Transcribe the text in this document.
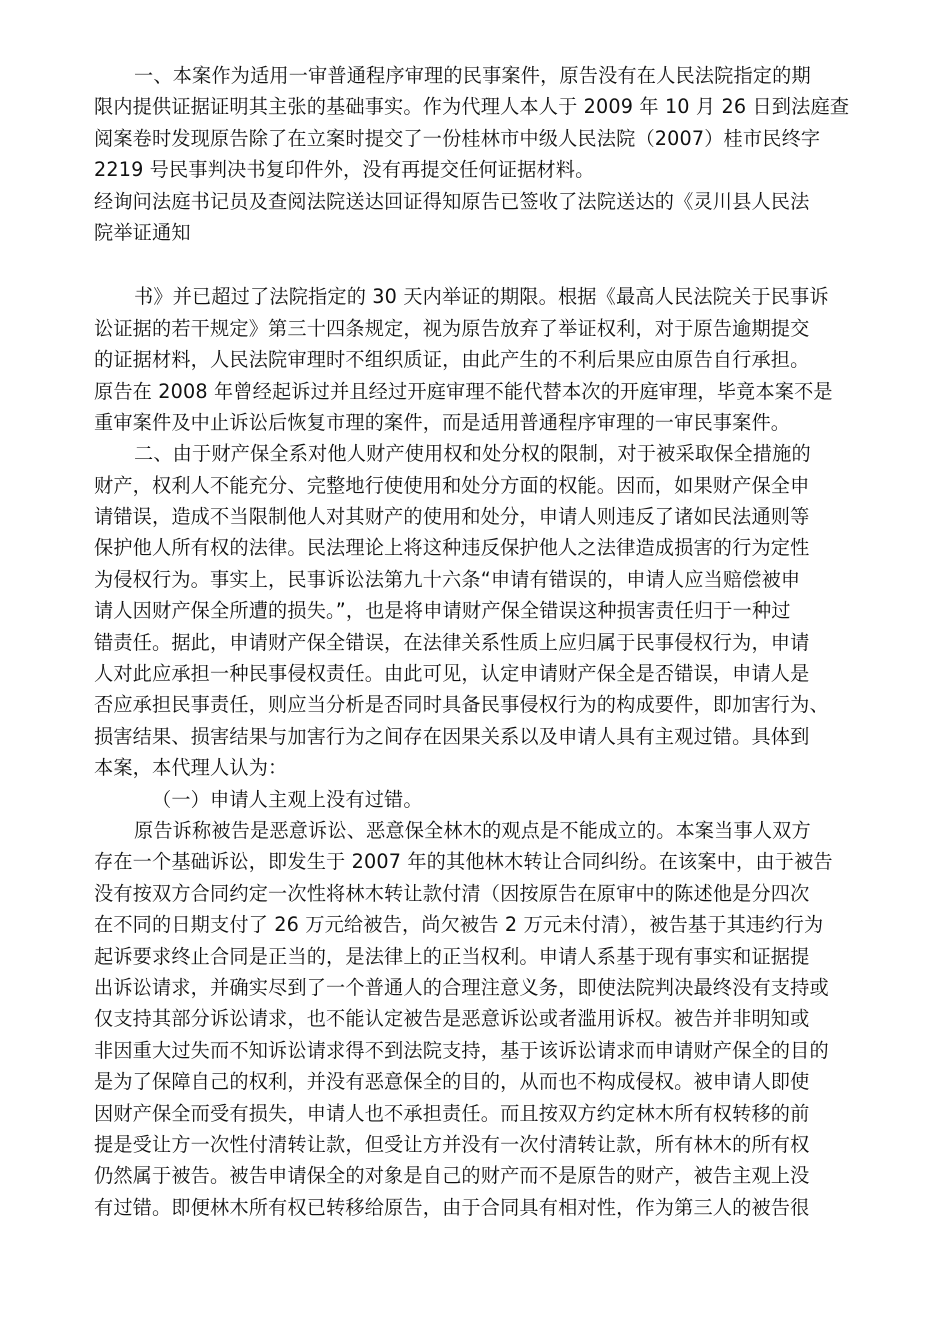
一、本案作为适用一审普通程序审理的民事案件，原告没有在人民法院指定的期
限内提供证据证明其主张的基础事实。作为代理人本人于 2009 年 10 月 26 日到法庭查
阅案卷时发现原告除了在立案时提交了一份桂林市中级人民法院（2007）桂市民终字
2219 号民事判决书复印件外，没有再提交任何证据材料。
经询问法庭书记员及查阅法院送达回证得知原告已签收了法院送达的《灵川县人民法
院举证通知
书》并已超过了法院指定的 30 天内举证的期限。根据《最高人民法院关于民事诉
讼证据的若干规定》第三十四条规定，视为原告放弃了举证权利，对于原告逾期提交
的证据材料，人民法院审理时不组织质证，由此产生的不利后果应由原告自行承担。
原告在 2008 年曾经起诉过并且经过开庭审理不能代替本次的开庭审理，毕竟本案不是
重审案件及中止诉讼后恢复市理的案件，而是适用普通程序审理的一审民事案件。
二、由于财产保全系对他人财产使用权和处分权的限制，对于被采取保全措施的
财产，权利人不能充分、完整地行使使用和处分方面的权能。因而，如果财产保全申
请错误，造成不当限制他人对其财产的使用和处分，申请人则违反了诸如民法通则等
保护他人所有权的法律。民法理论上将这种违反保护他人之法律造成损害的行为定性
为侵权行为。事实上，民事诉讼法第九十六条“申请有错误的，申请人应当赔偿被申
请人因财产保全所遭的损失。”，也是将申请财产保全错误这种损害责任归于一种过
错责任。据此，申请财产保全错误，在法律关系性质上应归属于民事侵权行为，申请
人对此应承担一种民事侵权责任。由此可见，认定申请财产保全是否错误，申请人是
否应承担民事责任，则应当分析是否同时具备民事侵权行为的构成要件，即加害行为、
损害结果、损害结果与加害行为之间存在因果关系以及申请人具有主观过错。具体到
本案，本代理人认为：
（一）申请人主观上没有过错。
原告诉称被告是恶意诉讼、恶意保全林木的观点是不能成立的。本案当事人双方
存在一个基础诉讼，即发生于 2007 年的其他林木转让合同纠纷。在该案中，由于被告
没有按双方合同约定一次性将林木转让款付清（因按原告在原审中的陈述他是分四次
在不同的日期支付了 26 万元给被告，尚欠被告 2 万元未付清），被告基于其违约行为
起诉要求终止合同是正当的，是法律上的正当权利。申请人系基于现有事实和证据提
出诉讼请求，并确实尽到了一个普通人的合理注意义务，即使法院判决最终没有支持或
仅支持其部分诉讼请求，也不能认定被告是恶意诉讼或者滥用诉权。被告并非明知或
非因重大过失而不知诉讼请求得不到法院支持，基于该诉讼请求而申请财产保全的目的
是为了保障自己的权利，并没有恶意保全的目的，从而也不构成侵权。被申请人即使
因财产保全而受有损失，申请人也不承担责任。而且按双方约定林木所有权转移的前
提是受让方一次性付清转让款，但受让方并没有一次付清转让款，所有林木的所有权
仍然属于被告。被告申请保全的对象是自己的财产而不是原告的财产，被告主观上没
有过错。即便林木所有权已转移给原告，由于合同具有相对性，作为第三人的被告很
